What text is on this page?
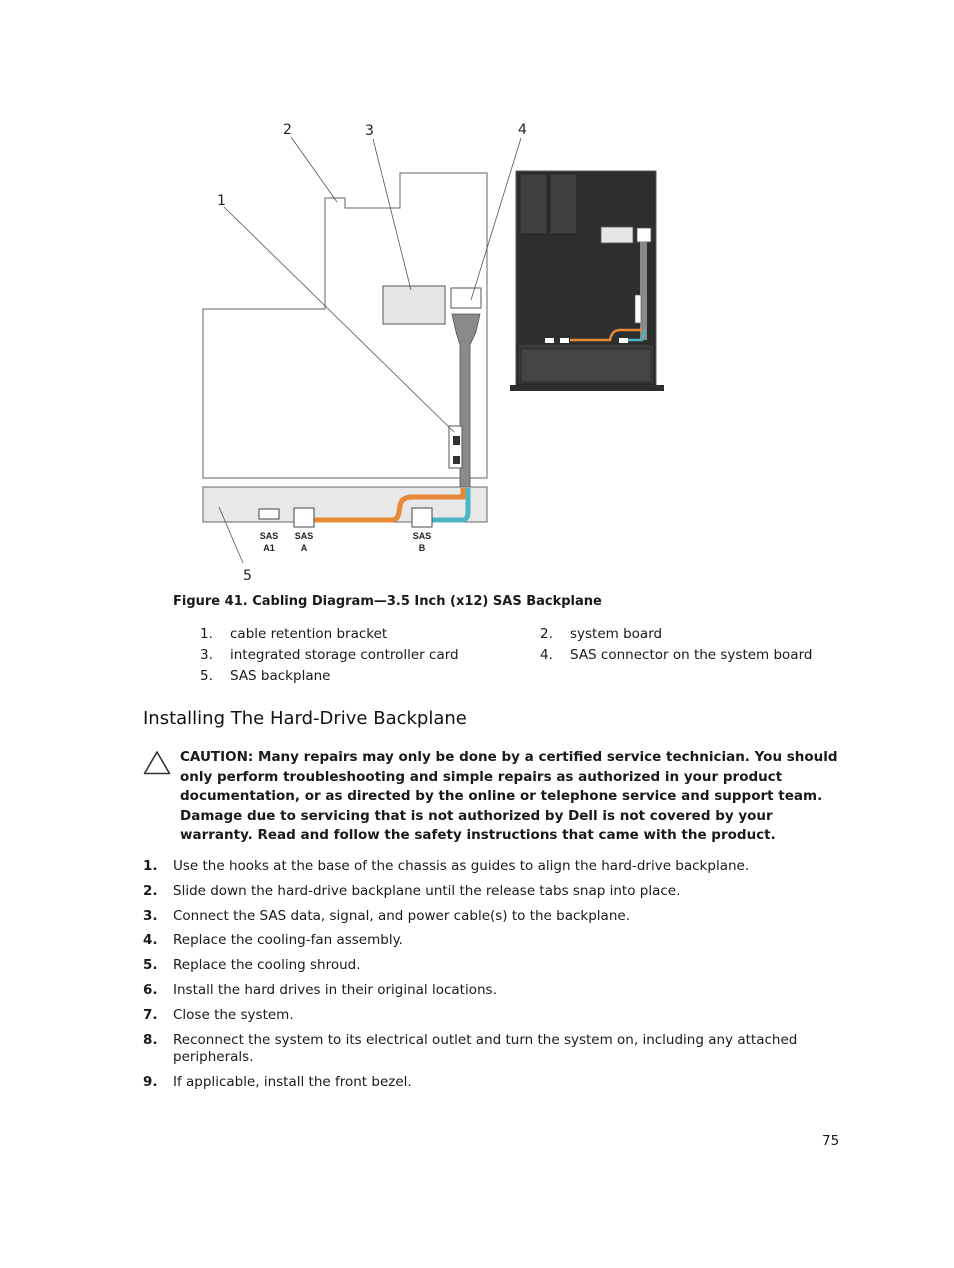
SAS
A1
SAS
A
SAS
B
1
2	3	4
5
Figure 41. Cabling Diagram—3.5 Inch (x12) SAS Backplane
1.	cable retention bracket	2.	system board
3.	integrated storage controller card	4.	SAS connector on the system board
5.	SAS backplane
Installing The Hard-Drive Backplane
CAUTION: Many repairs may only be done by a certified service technician. You should only perform troubleshooting and simple repairs as authorized in your product documentation, or as directed by the online or telephone service and support team. Damage due to servicing that is not authorized by Dell is not covered by your warranty. Read and follow the safety instructions that came with the product.
1. Use the hooks at the base of the chassis as guides to align the hard-drive backplane.
2. Slide down the hard-drive backplane until the release tabs snap into place.
3. Connect the SAS data, signal, and power cable(s) to the backplane.
4. Replace the cooling-fan assembly.
5. Replace the cooling shroud.
6. Install the hard drives in their original locations.
7. Close the system.
8. Reconnect the system to its electrical outlet and turn the system on, including any attached peripherals.
9. If applicable, install the front bezel.
75
